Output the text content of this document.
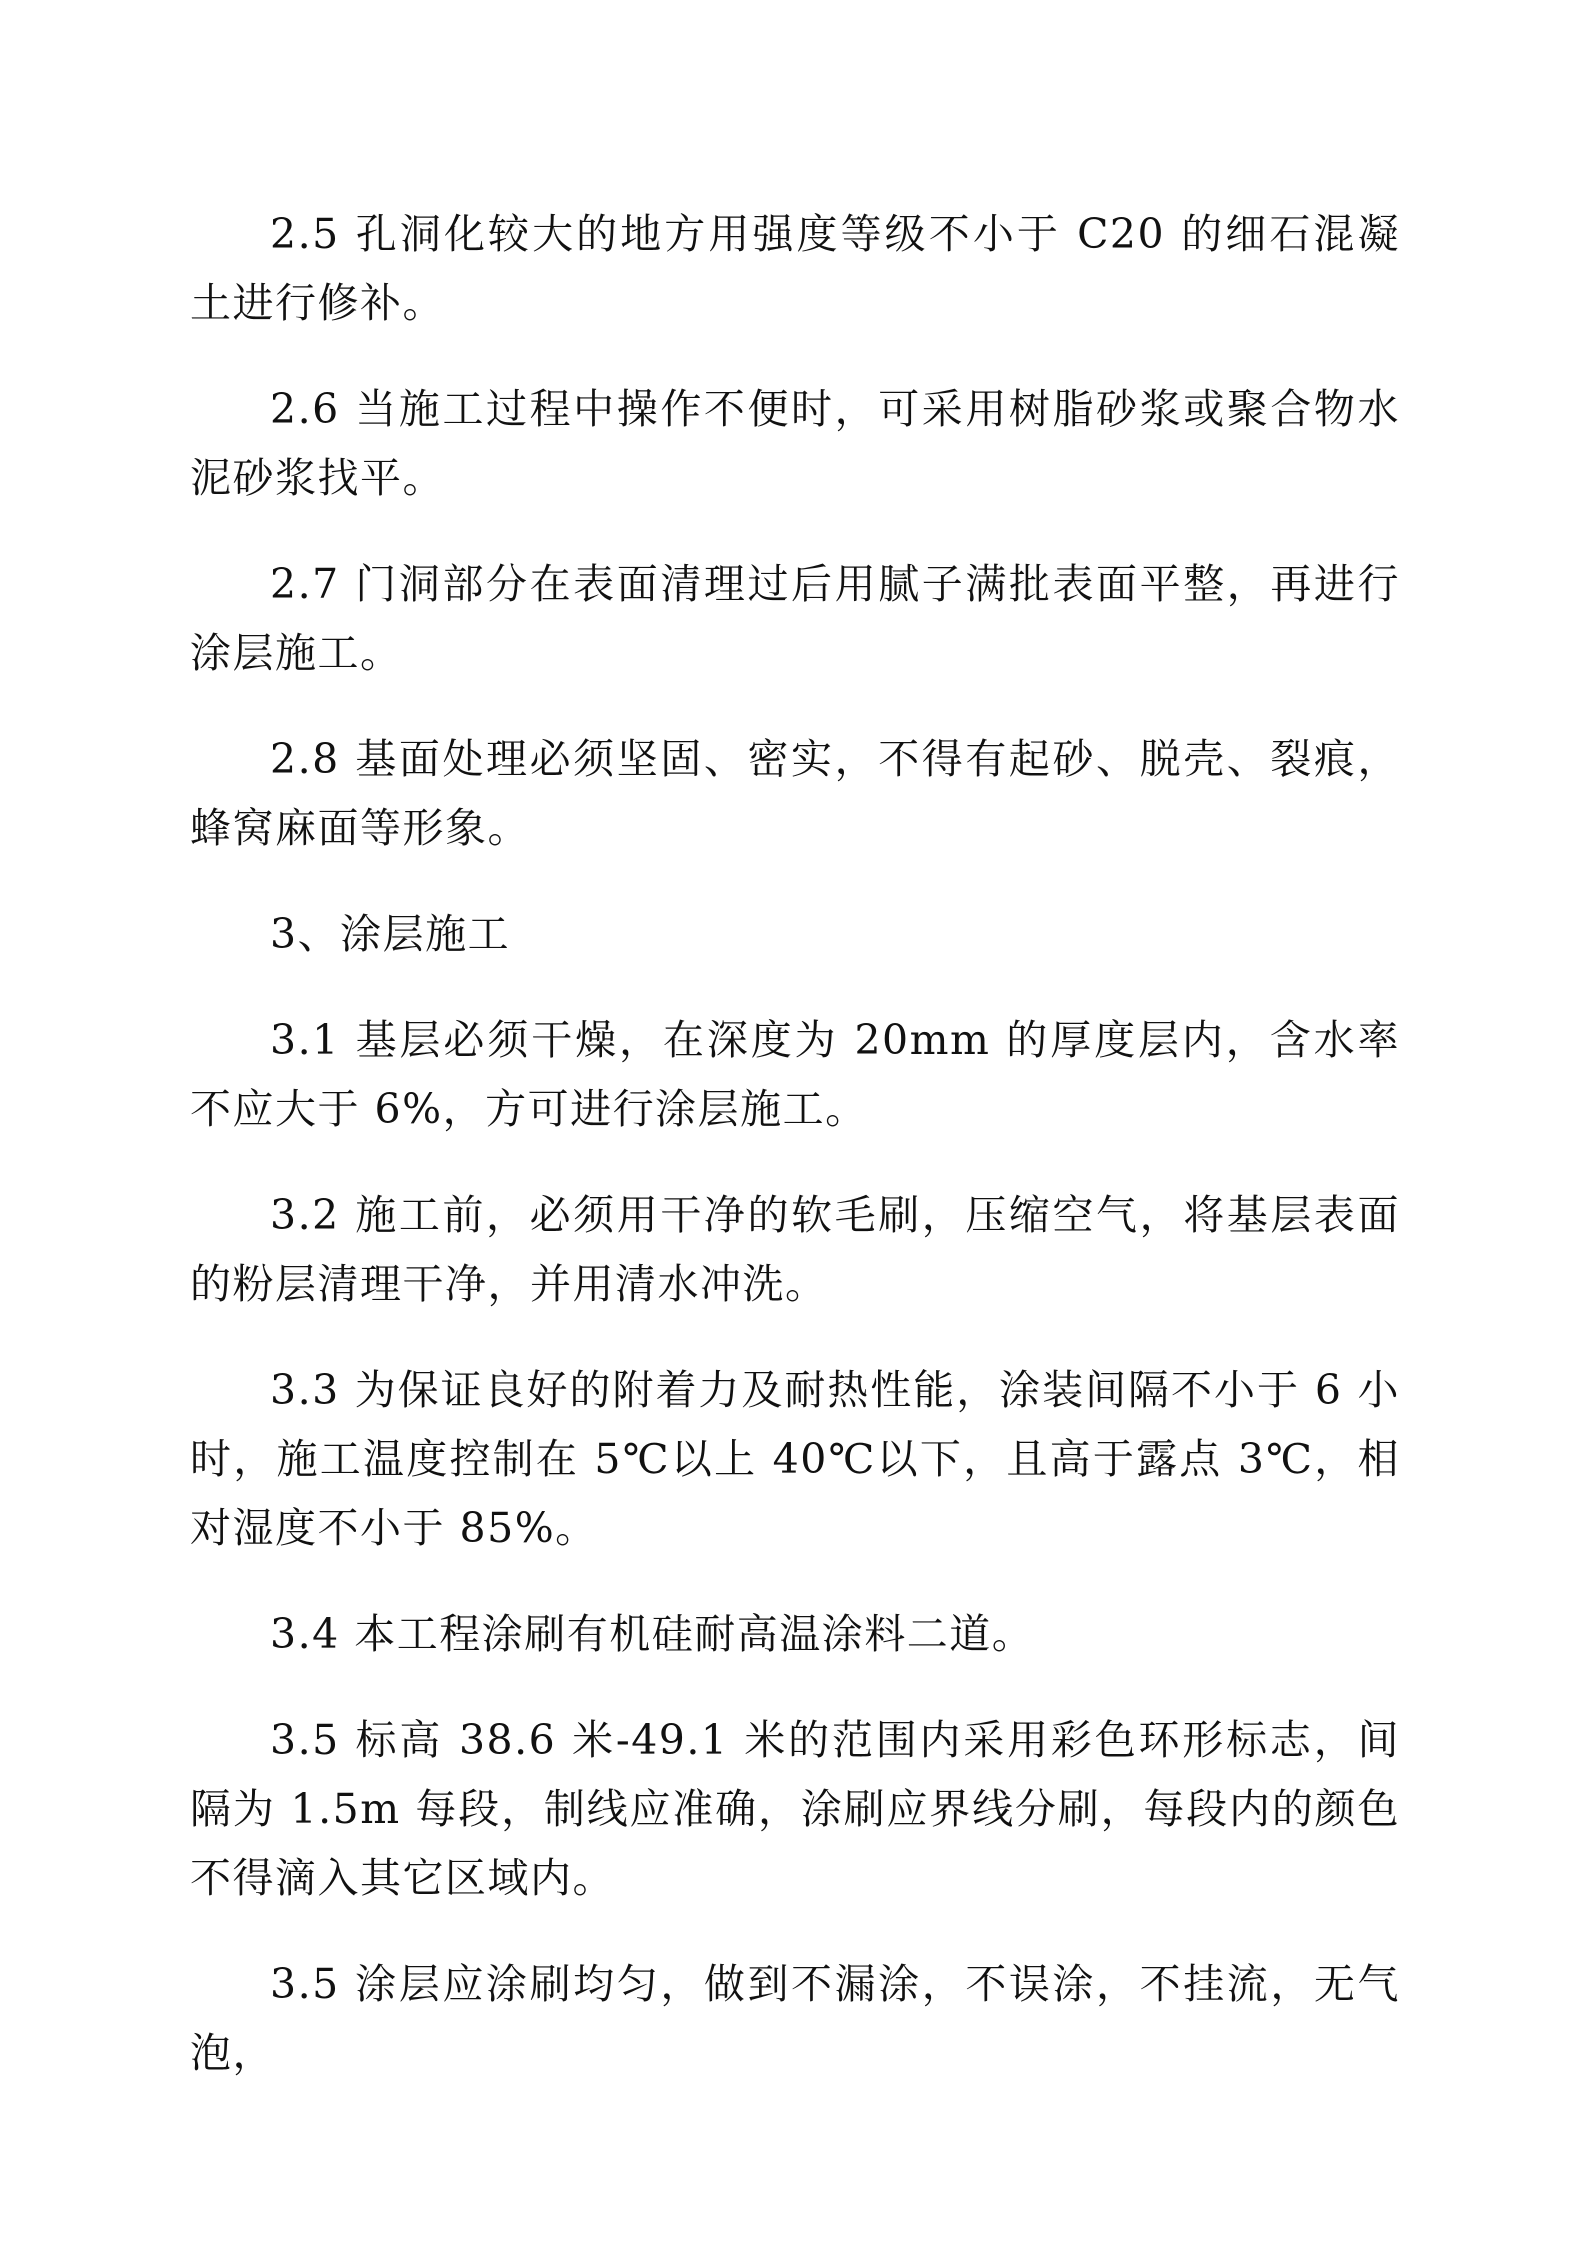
2.5 孔洞化较大的地方用强度等级不小于 C20 的细石混凝土进行修补。

2.6 当施工过程中操作不便时，可采用树脂砂浆或聚合物水泥砂浆找平。

2.7 门洞部分在表面清理过后用腻子满批表面平整，再进行涂层施工。

2.8 基面处理必须坚固、密实，不得有起砂、脱壳、裂痕，蜂窝麻面等形象。

3、涂层施工

3.1 基层必须干燥，在深度为 20mm 的厚度层内，含水率不应大于 6%，方可进行涂层施工。

3.2 施工前，必须用干净的软毛刷，压缩空气，将基层表面的粉层清理干净，并用清水冲洗。

3.3 为保证良好的附着力及耐热性能，涂装间隔不小于 6 小时，施工温度控制在 5℃以上 40℃以下，且高于露点 3℃，相对湿度不小于 85%。

3.4 本工程涂刷有机硅耐高温涂料二道。

3.5 标高 38.6 米-49.1 米的范围内采用彩色环形标志，间隔为 1.5m 每段，制线应准确，涂刷应界线分刷，每段内的颜色不得滴入其它区域内。

3.5 涂层应涂刷均匀，做到不漏涂，不误涂，不挂流，无气泡，
